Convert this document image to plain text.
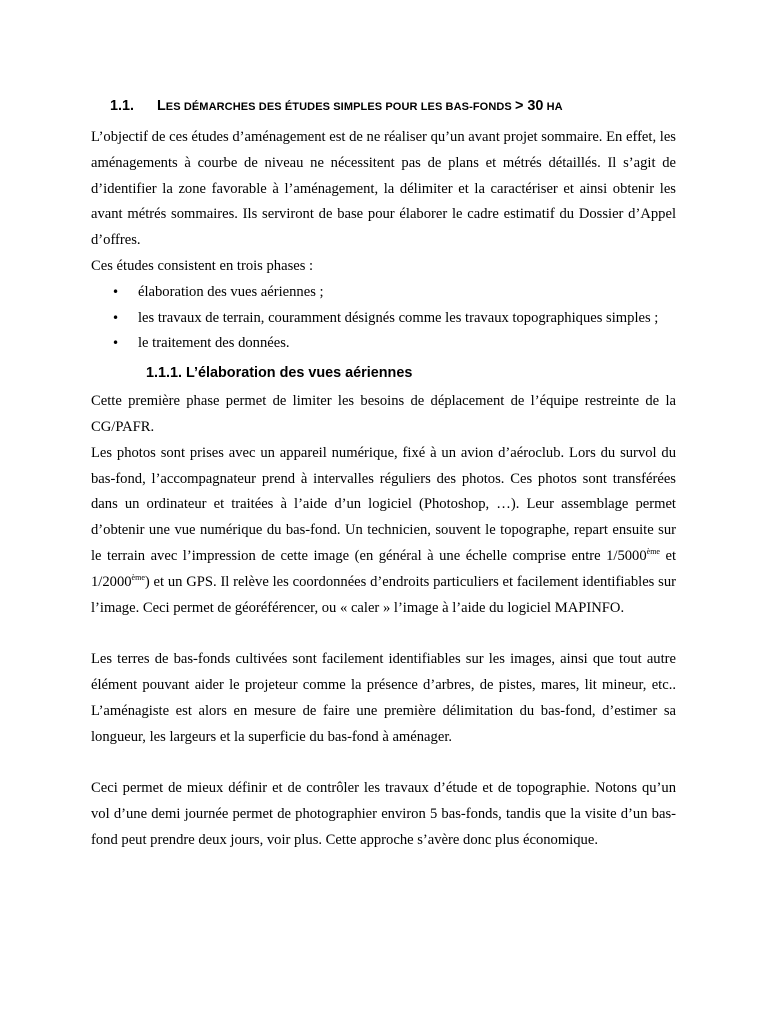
1.1. LES DÉMARCHES DES ÉTUDES SIMPLES POUR LES BAS-FONDS > 30 HA

L’objectif de ces études d’aménagement est de ne réaliser qu’un avant projet sommaire. En effet, les aménagements à courbe de niveau ne nécessitent pas de plans et métrés détaillés. Il s’agit de d’identifier la zone favorable à l’aménagement, la délimiter et la caractériser et ainsi obtenir les avant métrés sommaires. Ils serviront de base pour élaborer le cadre estimatif du Dossier d’Appel d’offres.

Ces études consistent en trois phases :

• élaboration des vues aériennes ;
• les travaux de terrain, couramment désignés comme les travaux topographiques simples ;
• le traitement des données.
1.1.1. L’élaboration des vues aériennes

Cette première phase permet de limiter les besoins de déplacement de l’équipe restreinte de la CG/PAFR.

Les photos sont prises avec un appareil numérique, fixé à un avion d’aéroclub. Lors du survol du bas-fond, l’accompagnateur prend à intervalles réguliers des photos. Ces photos sont transférées dans un ordinateur et traitées à l’aide d’un logiciel (Photoshop, …). Leur assemblage permet d’obtenir une vue numérique du bas-fond. Un technicien, souvent le topographe, repart ensuite sur le terrain avec l’impression de cette image (en général à une échelle comprise entre 1/5000ème et 1/2000ème) et un GPS. Il relève les coordonnées d’endroits particuliers et facilement identifiables sur l’image. Ceci permet de géoréférencer, ou « caler » l’image à l’aide du logiciel MAPINFO.

Les terres de bas-fonds cultivées sont facilement identifiables sur les images, ainsi que tout autre élément pouvant aider le projeteur comme la présence d’arbres, de pistes, mares, lit mineur, etc.. L’aménagiste est alors en mesure de faire une première délimitation du bas-fond, d’estimer sa longueur, les largeurs et la superficie du bas-fond à aménager.

Ceci permet de mieux définir et de contrôler les travaux d’étude et de topographie. Notons qu’un vol d’une demi journée permet de photographier environ 5 bas-fonds, tandis que la visite d’un bas-fond peut prendre deux jours, voir plus. Cette approche s’avère donc plus économique.
